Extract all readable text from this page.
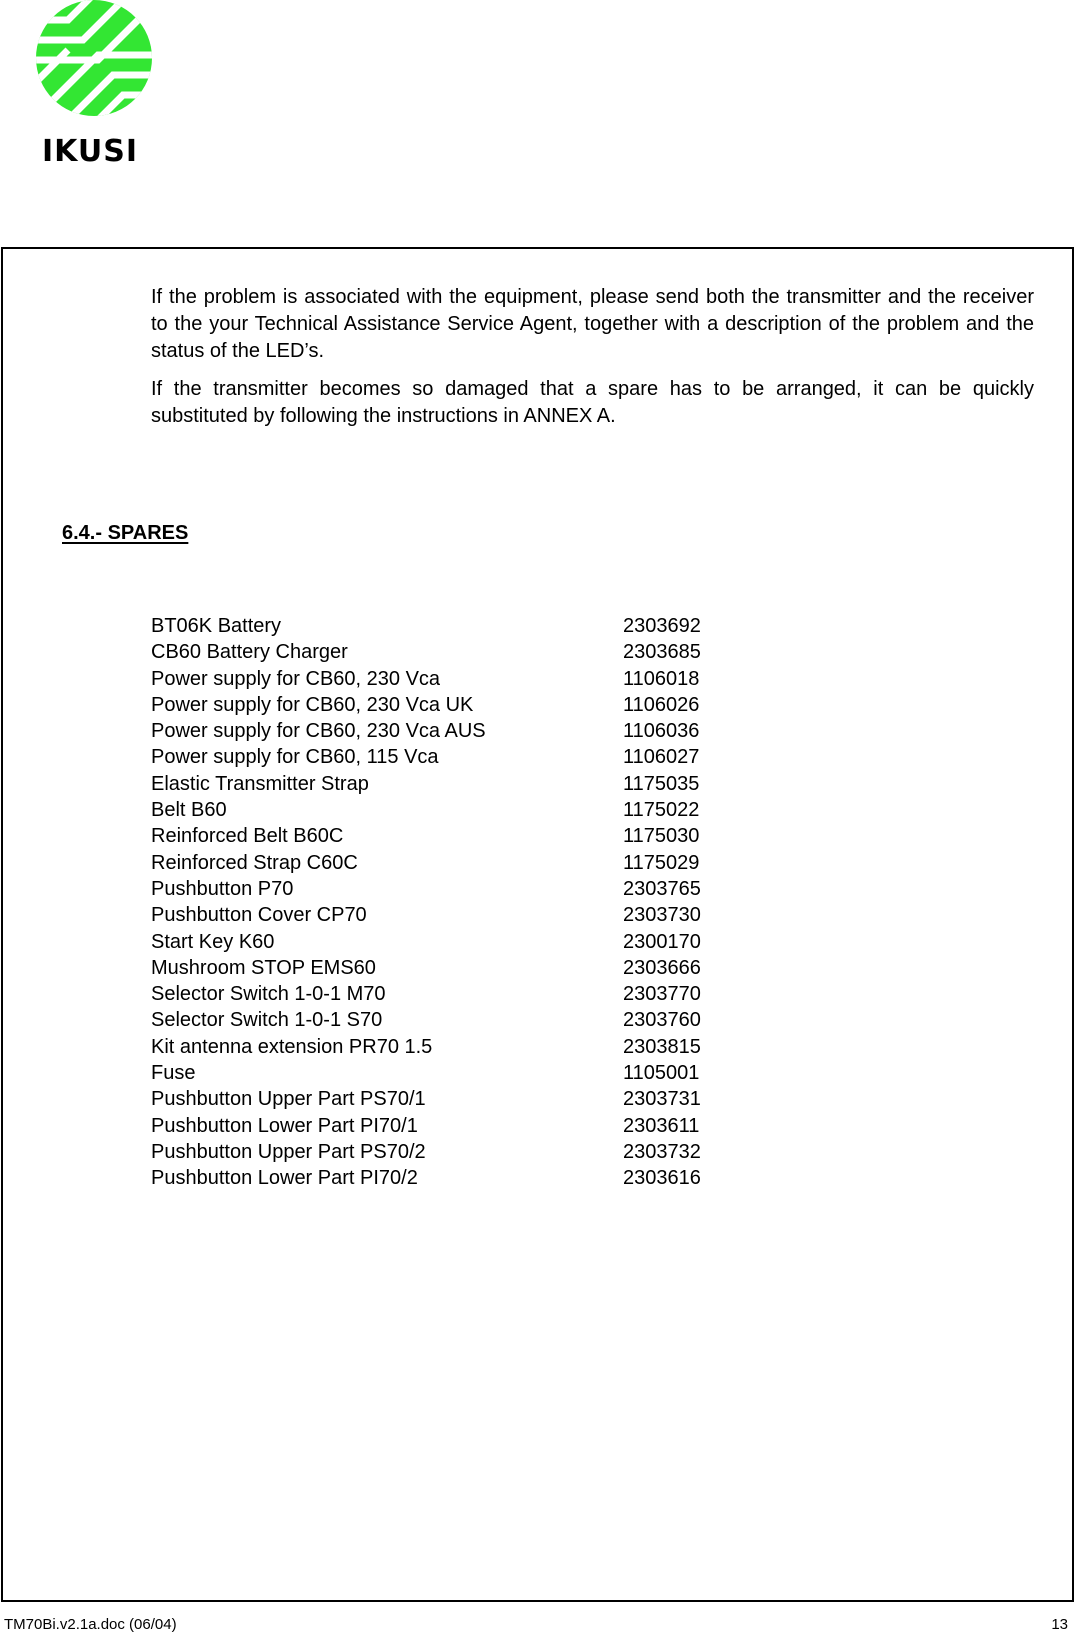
IKUSI

If the problem is associated with the equipment, please send both the transmitter and the receiver to the your Technical Assistance Service Agent, together with a description of the problem and the status of the LED’s.

If the transmitter becomes so damaged that a spare has to be arranged, it can be quickly substituted by following the instructions in ANNEX A.

6.4.- SPARES
BT06K Battery	2303692
CB60 Battery Charger	2303685
Power supply for CB60, 230 Vca	1106018
Power supply for CB60, 230 Vca UK	1106026
Power supply for CB60, 230 Vca AUS	1106036
Power supply for CB60, 115 Vca	1106027
Elastic Transmitter Strap	1175035
Belt B60	1175022
Reinforced Belt B60C	1175030
Reinforced Strap C60C	1175029
Pushbutton P70	2303765
Pushbutton Cover CP70	2303730
Start Key K60	2300170
Mushroom STOP EMS60	2303666
Selector Switch 1-0-1 M70	2303770
Selector Switch 1-0-1 S70	2303760
Kit antenna extension PR70 1.5	2303815
Fuse	1105001
Pushbutton Upper Part PS70/1	2303731
Pushbutton Lower Part PI70/1	2303611
Pushbutton Upper Part PS70/2	2303732
Pushbutton Lower Part PI70/2	2303616
TM70Bi.v2.1a.doc (06/04)	13
